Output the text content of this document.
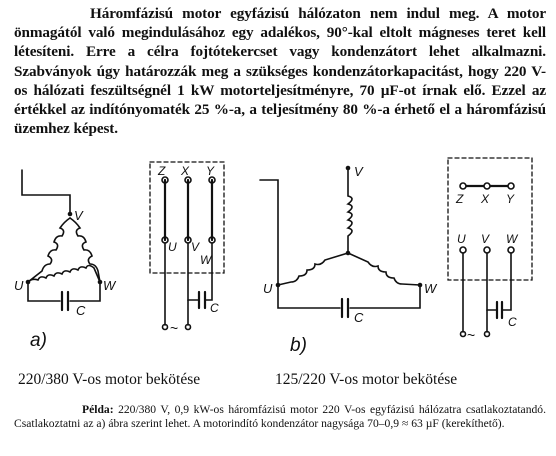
Háromfázisú motor egyfázisú hálózaton nem indul meg. A motor önmagától való megindulásához egy adalékos, 90°-kal eltolt mágneses teret kell létesíteni. Erre a célra fojtótekercset vagy kondenzátort lehet alkalmazni. Szabványok úgy határozzák meg a szükséges kondenzátorkapacitást, hogy 220 V-os hálózati feszültségnél 1 kW motorteljesítményre, 70 µF-ot írnak elő. Ezzel az értékkel az indítónyomaték 25 %-a, a teljesítmény 80 %-a érhető el a háromfázisú üzemhez képest.
V
U	W
C
a)
Z X Y
U V
W
C
~
V
U	W
C
b)
Z X Y
U V W
C
~
220/380 V-os motor bekötése	125/220 V-os motor bekötése
Példa: 220/380 V, 0,9 kW-os háromfázisú motor 220 V-os egyfázisú hálózatra csatlakoztatandó. Csatlakoztatni az a) ábra szerint lehet. A motorindító kondenzátor nagysága 70–0,9 ≈ 63 µF (kerekíthető).
